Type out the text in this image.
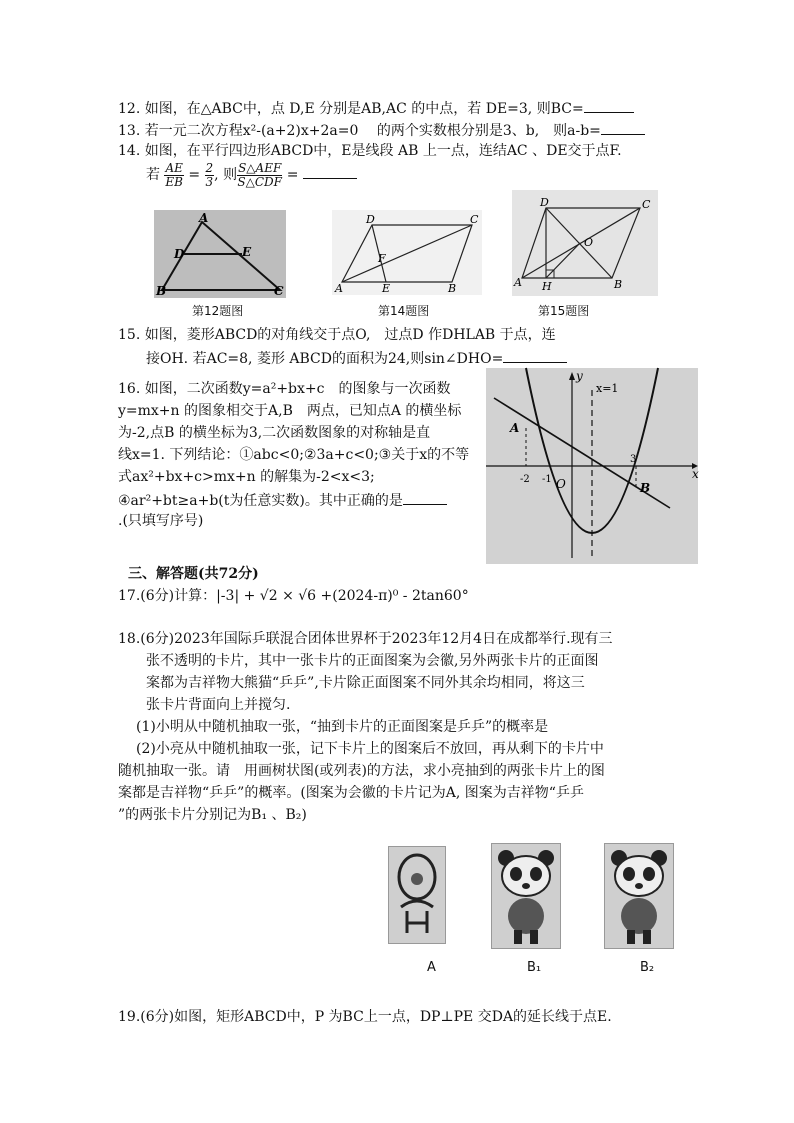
12. 如图，在△ABC中，点 D,E 分别是AB,AC 的中点，若 DE=3, 则BC=
13. 若一元二次方程x²-(a+2)x+2a=0　 的两个实数根分别是3、b,　则a-b=
14. 如图，在平行四边形ABCD中，E是线段 AB 上一点，连结AC 、DE交于点F.
若 $\frac{AE}{EB} = \frac{2}{3}$ , 则 $\frac{\text{S△AEF}}{\text{S△CDF}}$ =
A
D	E
B	C
第12题图
D	C
F
A	E	B
第14题图
D	C
O
A H	B
第15题图
15. 如图，菱形ABCD的对角线交于点O,　过点D 作DHLAB 于点，连
接OH. 若AC=8, 菱形 ABCD的面积为24,则sin∠DHO=
16. 如图，二次函数y=a²+bx+c　的图象与一次函数
y=mx+n 的图象相交于A,B　两点，已知点A 的横坐标
为-2,点B 的横坐标为3,二次函数图象的对称轴是直
线x=1. 下列结论：①abc<0;②3a+c<0;③关于x的不等
式ax²+bx+c>mx+n 的解集为-2<x<3;
④ar²+bt≥a+b(t为任意实数)。其中正确的是
.(只填写序号)
y
x
x=1
A
B
O
-2 -1
3
三、解答题(共72分)
17.(6分)计算：|-3| + √2 × √6 +(2024-π)⁰ - 2tan60°
18.(6分)2023年国际乒联混合团体世界杯于2023年12月4日在成都举行.现有三
张不透明的卡片，其中一张卡片的正面图案为会徽,另外两张卡片的正面图
案都为吉祥物大熊猫“乒乒”,卡片除正面图案不同外其余均相同，将这三
张卡片背面向上并搅匀.
(1)小明从中随机抽取一张，“抽到卡片的正面图案是乒乒”的概率是
(2)小亮从中随机抽取一张，记下卡片上的图案后不放回，再从剩下的卡片中
随机抽取一张。请　用画树状图(或列表)的方法，求小亮抽到的两张卡片上的图
案都是吉祥物“乒乒”的概率。(图案为会徽的卡片记为A, 图案为吉祥物“乒乒
”的两张卡片分别记为B₁ 、B₂)
A	B₁	B₂
19.(6分)如图，矩形ABCD中，P 为BC上一点，DP⊥PE 交DA的延长线于点E.
